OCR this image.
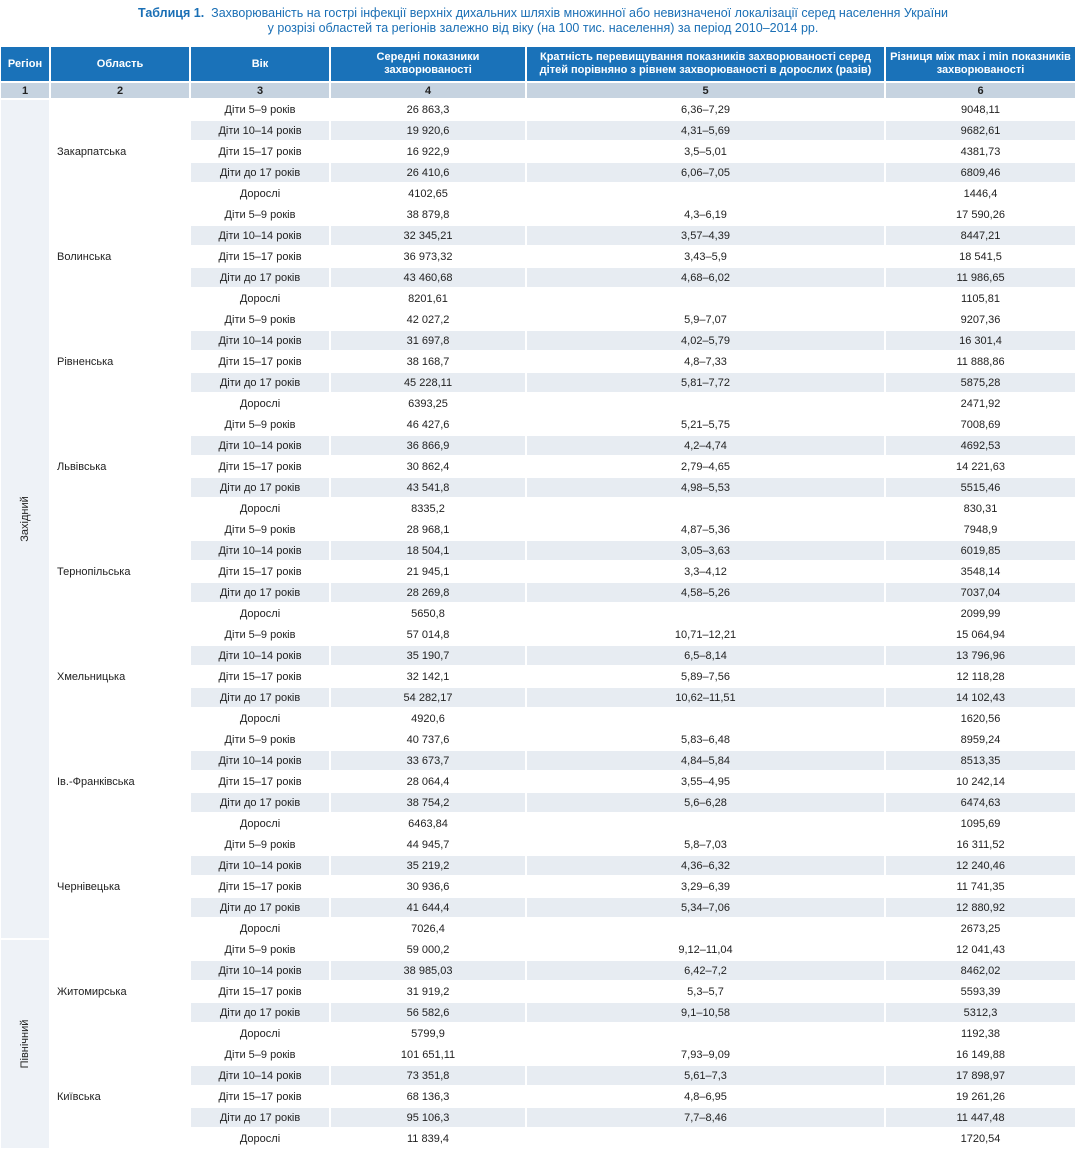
Таблиця 1. Захворюваність на гострі інфекції верхніх дихальних шляхів множинної або невизначеної локалізації серед населення України
у розрізі областей та регіонів залежно від віку (на 100 тис. населення) за період 2010–2014 рр.
Регіон	Область	Вік	Середні показники захворюваності	Кратність перевищування показників захворюваності серед дітей порівняно з рівнем захворюваності в дорослих (разів)	Різниця між max і min показників захворюваності
1	2	3	4	5	6

Західний	Закарпатська	Діти 5–9 років	26 863,3	6,36–7,29	9048,11
		Діти 10–14 років	19 920,6	4,31–5,69	9682,61
		Діти 15–17 років	16 922,9	3,5–5,01	4381,73
		Діти до 17 років	26 410,6	6,06–7,05	6809,46
		Дорослі	4102,65		1446,4
	Волинська	Діти 5–9 років	38 879,8	4,3–6,19	17 590,26
		Діти 10–14 років	32 345,21	3,57–4,39	8447,21
		Діти 15–17 років	36 973,32	3,43–5,9	18 541,5
		Діти до 17 років	43 460,68	4,68–6,02	11 986,65
		Дорослі	8201,61		1105,81
	Рівненська	Діти 5–9 років	42 027,2	5,9–7,07	9207,36
		Діти 10–14 років	31 697,8	4,02–5,79	16 301,4
		Діти 15–17 років	38 168,7	4,8–7,33	11 888,86
		Діти до 17 років	45 228,11	5,81–7,72	5875,28
		Дорослі	6393,25		2471,92
	Львівська	Діти 5–9 років	46 427,6	5,21–5,75	7008,69
		Діти 10–14 років	36 866,9	4,2–4,74	4692,53
		Діти 15–17 років	30 862,4	2,79–4,65	14 221,63
		Діти до 17 років	43 541,8	4,98–5,53	5515,46
		Дорослі	8335,2		830,31
	Тернопільська	Діти 5–9 років	28 968,1	4,87–5,36	7948,9
		Діти 10–14 років	18 504,1	3,05–3,63	6019,85
		Діти 15–17 років	21 945,1	3,3–4,12	3548,14
		Діти до 17 років	28 269,8	4,58–5,26	7037,04
		Дорослі	5650,8		2099,99
	Хмельницька	Діти 5–9 років	57 014,8	10,71–12,21	15 064,94
		Діти 10–14 років	35 190,7	6,5–8,14	13 796,96
		Діти 15–17 років	32 142,1	5,89–7,56	12 118,28
		Діти до 17 років	54 282,17	10,62–11,51	14 102,43
		Дорослі	4920,6		1620,56
	Ів.-Франківська	Діти 5–9 років	40 737,6	5,83–6,48	8959,24
		Діти 10–14 років	33 673,7	4,84–5,84	8513,35
		Діти 15–17 років	28 064,4	3,55–4,95	10 242,14
		Діти до 17 років	38 754,2	5,6–6,28	6474,63
		Дорослі	6463,84		1095,69
	Чернівецька	Діти 5–9 років	44 945,7	5,8–7,03	16 311,52
		Діти 10–14 років	35 219,2	4,36–6,32	12 240,46
		Діти 15–17 років	30 936,6	3,29–6,39	11 741,35
		Діти до 17 років	41 644,4	5,34–7,06	12 880,92
		Дорослі	7026,4		2673,25

Північний	Житомирська	Діти 5–9 років	59 000,2	9,12–11,04	12 041,43
		Діти 10–14 років	38 985,03	6,42–7,2	8462,02
		Діти 15–17 років	31 919,2	5,3–5,7	5593,39
		Діти до 17 років	56 582,6	9,1–10,58	5312,3
		Дорослі	5799,9		1192,38
	Київська	Діти 5–9 років	101 651,11	7,93–9,09	16 149,88
		Діти 10–14 років	73 351,8	5,61–7,3	17 898,97
		Діти 15–17 років	68 136,3	4,8–6,95	19 261,26
		Діти до 17 років	95 106,3	7,7–8,46	11 447,48
		Дорослі	11 839,4		1720,54
